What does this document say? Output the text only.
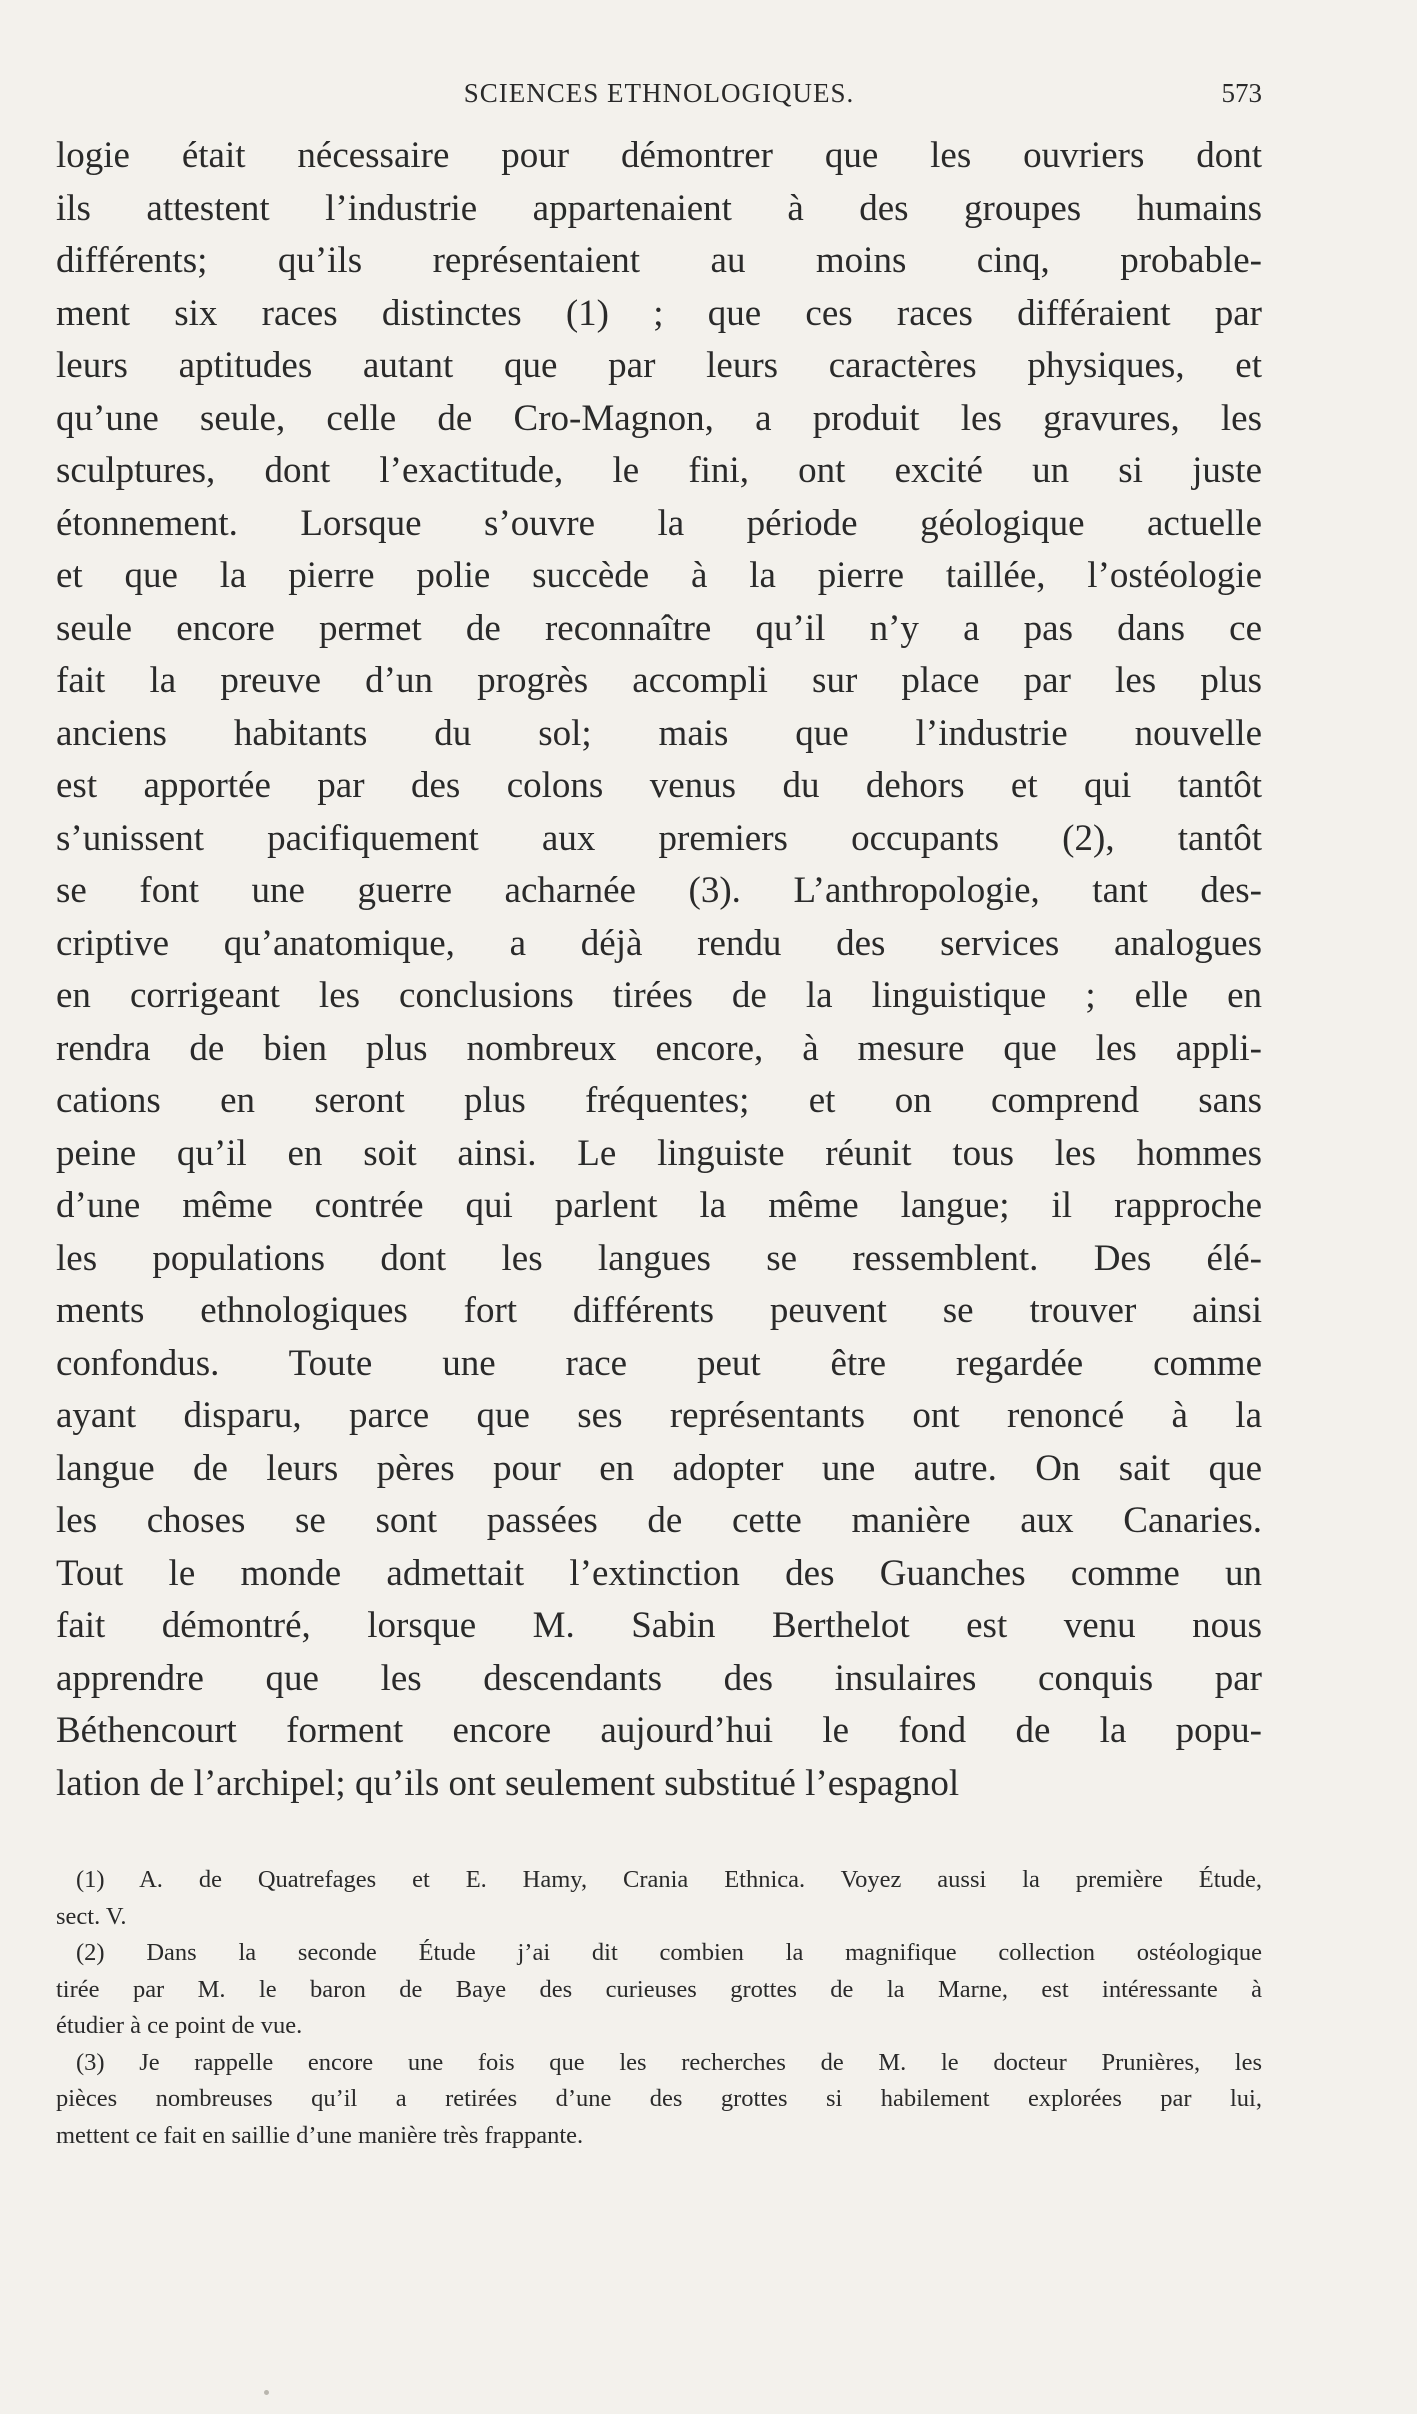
SCIENCES ETHNOLOGIQUES.	573
logie était nécessaire pour démontrer que les ouvriers dont
ils attestent l’industrie appartenaient à des groupes humains
différents; qu’ils représentaient au moins cinq, probable-
ment six races distinctes (1) ; que ces races différaient par
leurs aptitudes autant que par leurs caractères physiques, et
qu’une seule, celle de Cro-Magnon, a produit les gravures, les
sculptures, dont l’exactitude, le fini, ont excité un si juste
étonnement. Lorsque s’ouvre la période géologique actuelle
et que la pierre polie succède à la pierre taillée, l’ostéologie
seule encore permet de reconnaître qu’il n’y a pas dans ce
fait la preuve d’un progrès accompli sur place par les plus
anciens habitants du sol; mais que l’industrie nouvelle
est apportée par des colons venus du dehors et qui tantôt
s’unissent pacifiquement aux premiers occupants (2), tantôt
se font une guerre acharnée (3). L’anthropologie, tant des-
criptive qu’anatomique, a déjà rendu des services analogues
en corrigeant les conclusions tirées de la linguistique ; elle en
rendra de bien plus nombreux encore, à mesure que les appli-
cations en seront plus fréquentes; et on comprend sans
peine qu’il en soit ainsi. Le linguiste réunit tous les hommes
d’une même contrée qui parlent la même langue; il rapproche
les populations dont les langues se ressemblent. Des élé-
ments ethnologiques fort différents peuvent se trouver ainsi
confondus. Toute une race peut être regardée comme
ayant disparu, parce que ses représentants ont renoncé à la
langue de leurs pères pour en adopter une autre. On sait que
les choses se sont passées de cette manière aux Canaries.
Tout le monde admettait l’extinction des Guanches comme un
fait démontré, lorsque M. Sabin Berthelot est venu nous
apprendre que les descendants des insulaires conquis par
Béthencourt forment encore aujourd’hui le fond de la popu-
lation de l’archipel; qu’ils ont seulement substitué l’espagnol
(1) A. de Quatrefages et E. Hamy, Crania Ethnica. Voyez aussi la première Étude,
sect. V.
(2) Dans la seconde Étude j’ai dit combien la magnifique collection ostéologique
tirée par M. le baron de Baye des curieuses grottes de la Marne, est intéressante à
étudier à ce point de vue.
(3) Je rappelle encore une fois que les recherches de M. le docteur Prunières, les
pièces nombreuses qu’il a retirées d’une des grottes si habilement explorées par lui,
mettent ce fait en saillie d’une manière très frappante.
